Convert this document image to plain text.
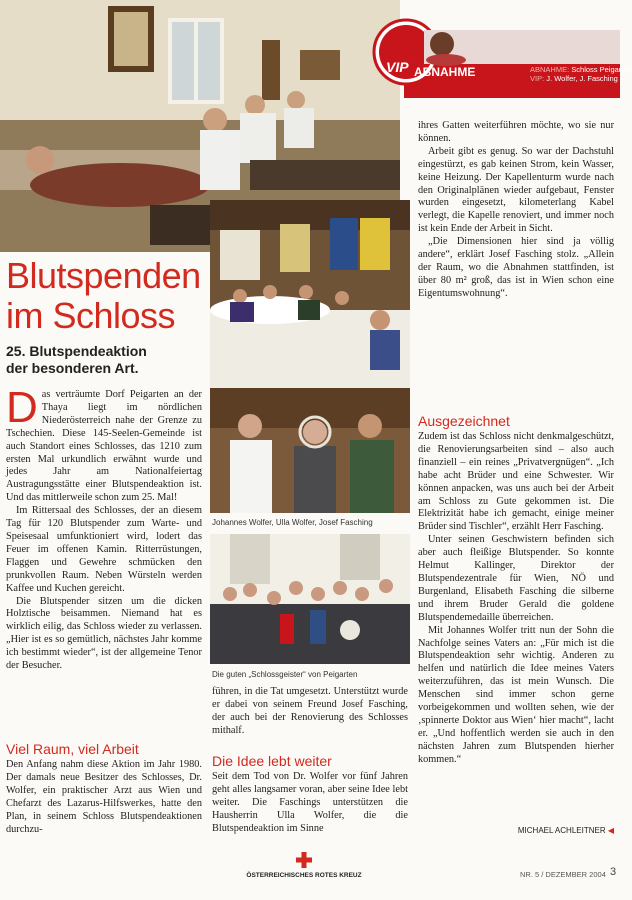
VIP ABNAHME	ABNAHME: Schloss Peigarten
VIP: J. Wolfer, J. Fasching
Blutspenden
im Schloss
25. Blutspendeaktion
der besonderen Art.

Das verträumte Dorf Peigarten an der Thaya liegt im nördlichen Niederösterreich nahe der Grenze zu Tschechien. Diese 145-Seelen-Gemeinde ist auch Standort eines Schlosses, das 1210 zum ersten Mal urkundlich erwähnt wurde und jedes Jahr am Nationalfeiertag Austragungsstätte einer Blutspendeaktion ist. Und das mittlerweile schon zum 25. Mal!

Im Rittersaal des Schlosses, der an diesem Tag für 120 Blutspender zum Warte- und Speisesaal umfunktioniert wird, lodert das Feuer im offenen Kamin. Ritterrüstungen, Flaggen und Gewehre schmücken den prunkvollen Raum. Neben Würsteln werden Kaffee und Kuchen gereicht.

Die Blutspender sitzen um die dicken Holztische beisammen. Niemand hat es wirklich eilig, das Schloss wieder zu verlassen. „Hier ist es so gemütlich, nächstes Jahr komme ich bestimmt wieder“, ist der allgemeine Tenor der Besucher.

Viel Raum, viel Arbeit

Den Anfang nahm diese Aktion im Jahr 1980. Der damals neue Besitzer des Schlosses, Dr. Wolfer, ein praktischer Arzt aus Wien und Chefarzt des Lazarus-Hilfswerkes, hatte den Plan, in seinem Schloss Blutspendeaktionen durchzu-

Johannes Wolfer, Ulla Wolfer, Josef Fasching
Die guten „Schlossgeister“ von Peigarten

führen, in die Tat umgesetzt. Unterstützt wurde er dabei von seinem Freund Josef Fasching, der auch bei der Renovierung des Schlosses mithalf.

Die Idee lebt weiter

Seit dem Tod von Dr. Wolfer vor fünf Jahren geht alles langsamer voran, aber seine Idee lebt weiter. Die Faschings unterstützen die Hausherrin Ulla Wolfer, die die Blutspendeaktion im Sinne

ihres Gatten weiterführen möchte, wo sie nur können.

Arbeit gibt es genug. So war der Dachstuhl eingestürzt, es gab keinen Strom, kein Wasser, keine Heizung. Der Kapellenturm wurde nach den Originalplänen wieder aufgebaut, Fenster wurden eingesetzt, kilometerlang Kabel verlegt, die Kapelle renoviert, und immer noch ist kein Ende der Arbeit in Sicht.

„Die Dimensionen hier sind ja völlig andere“, erklärt Josef Fasching stolz. „Allein der Raum, wo die Abnahmen stattfinden, ist über 80 m² groß, das ist in Wien schon eine Eigentumswohnung“.

Ausgezeichnet

Zudem ist das Schloss nicht denkmalgeschützt, die Renovierungsarbeiten sind – also auch finanziell – ein reines „Privatvergnügen“. „Ich habe acht Brüder und eine Schwester. Wir können anpacken, was uns auch bei der Arbeit am Schloss zu Gute gekommen ist. Die Elektrizität habe ich gemacht, einige meiner Brüder sind Tischler“, erzählt Herr Fasching.

Unter seinen Geschwistern befinden sich aber auch fleißige Blutspender. So konnte Helmut Kallinger, Direktor der Blutspendezentrale für Wien, NÖ und Burgenland, Elisabeth Fasching die silberne und ihrem Bruder Gerald die goldene Blutspendemedaille überreichen.

Mit Johannes Wolfer tritt nun der Sohn die Nachfolge seines Vaters an: „Für mich ist die Blutspendeaktion sehr wichtig. Anderen zu helfen und natürlich die Idee meines Vaters weiterzuführen, das ist mein Wunsch. Die Menschen sind immer schon gerne vorbeigekommen und wollten sehen, wie der ‚spinnerte Doktor aus Wien‘ hier macht“, lacht er. „Und hoffentlich werden sie auch in den nächsten Jahren zum Blutspenden hierher kommen.“

MICHAEL ACHLEITNER ◀
ÖSTERREICHISCHES ROTES KREUZ	NR. 5 / DEZEMBER 2004 3
